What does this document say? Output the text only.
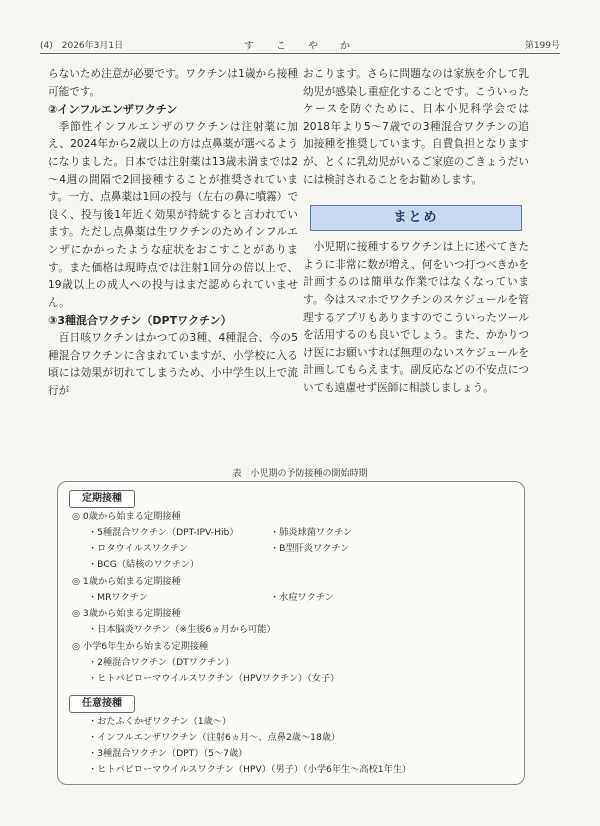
(4)　2026年3月1日	す　こ　や　か	第199号

らないため注意が必要です。ワクチンは1歳から接種可能です。

②インフルエンザワクチン

季節性インフルエンザのワクチンは注射薬に加え、2024年から2歳以上の方は点鼻薬が選べるようになりました。日本では注射薬は13歳未満までは2～4週の間隔で2回接種することが推奨されています。一方、点鼻薬は1回の投与（左右の鼻に噴霧）で良く、投与後1年近く効果が持続すると言われています。ただし点鼻薬は生ワクチンのためインフルエンザにかかったような症状をおこすことがあります。また価格は現時点では注射1回分の倍以上で、19歳以上の成人への投与はまだ認められていません。

③3種混合ワクチン（DPTワクチン）

百日咳ワクチンはかつての3種、4種混合、今の5種混合ワクチンに含まれていますが、小学校に入る頃には効果が切れてしまうため、小中学生以上で流行が

おこります。さらに問題なのは家族を介して乳幼児が感染し重症化することです。こういったケースを防ぐために、日本小児科学会では2018年より5～7歳での3種混合ワクチンの追加接種を推奨しています。自費負担となりますが、とくに乳幼児がいるご家庭のごきょうだいには検討されることをお勧めします。

まとめ

小児期に接種するワクチンは上に述べてきたように非常に数が増え、何をいつ打つべきかを計画するのは簡単な作業ではなくなっています。今はスマホでワクチンのスケジュールを管理するアプリもありますのでこういったツールを活用するのも良いでしょう。また、かかりつけ医にお願いすれば無理のないスケジュールを計画してもらえます。副反応などの不安点についても遠慮せず医師に相談しましょう。

表　小児期の予防接種の開始時期
定期接種
◎ 0歳から始まる定期接種
・5種混合ワクチン（DPT-IPV-Hib）	・肺炎球菌ワクチン
・ロタウイルスワクチン	・B型肝炎ワクチン
・BCG（結核のワクチン）
◎ 1歳から始まる定期接種
・MRワクチン	・水痘ワクチン
◎ 3歳から始まる定期接種
・日本脳炎ワクチン（※生後6ヵ月から可能）
◎ 小学6年生から始まる定期接種
・2種混合ワクチン（DTワクチン）
・ヒトパピローマウイルスワクチン（HPVワクチン）（女子）
任意接種
・おたふくかぜワクチン（1歳～）
・インフルエンザワクチン（注射6ヵ月～、点鼻2歳～18歳）
・3種混合ワクチン（DPT）（5～7歳）
・ヒトパピローマウイルスワクチン（HPV）（男子）（小学6年生～高校1年生）
